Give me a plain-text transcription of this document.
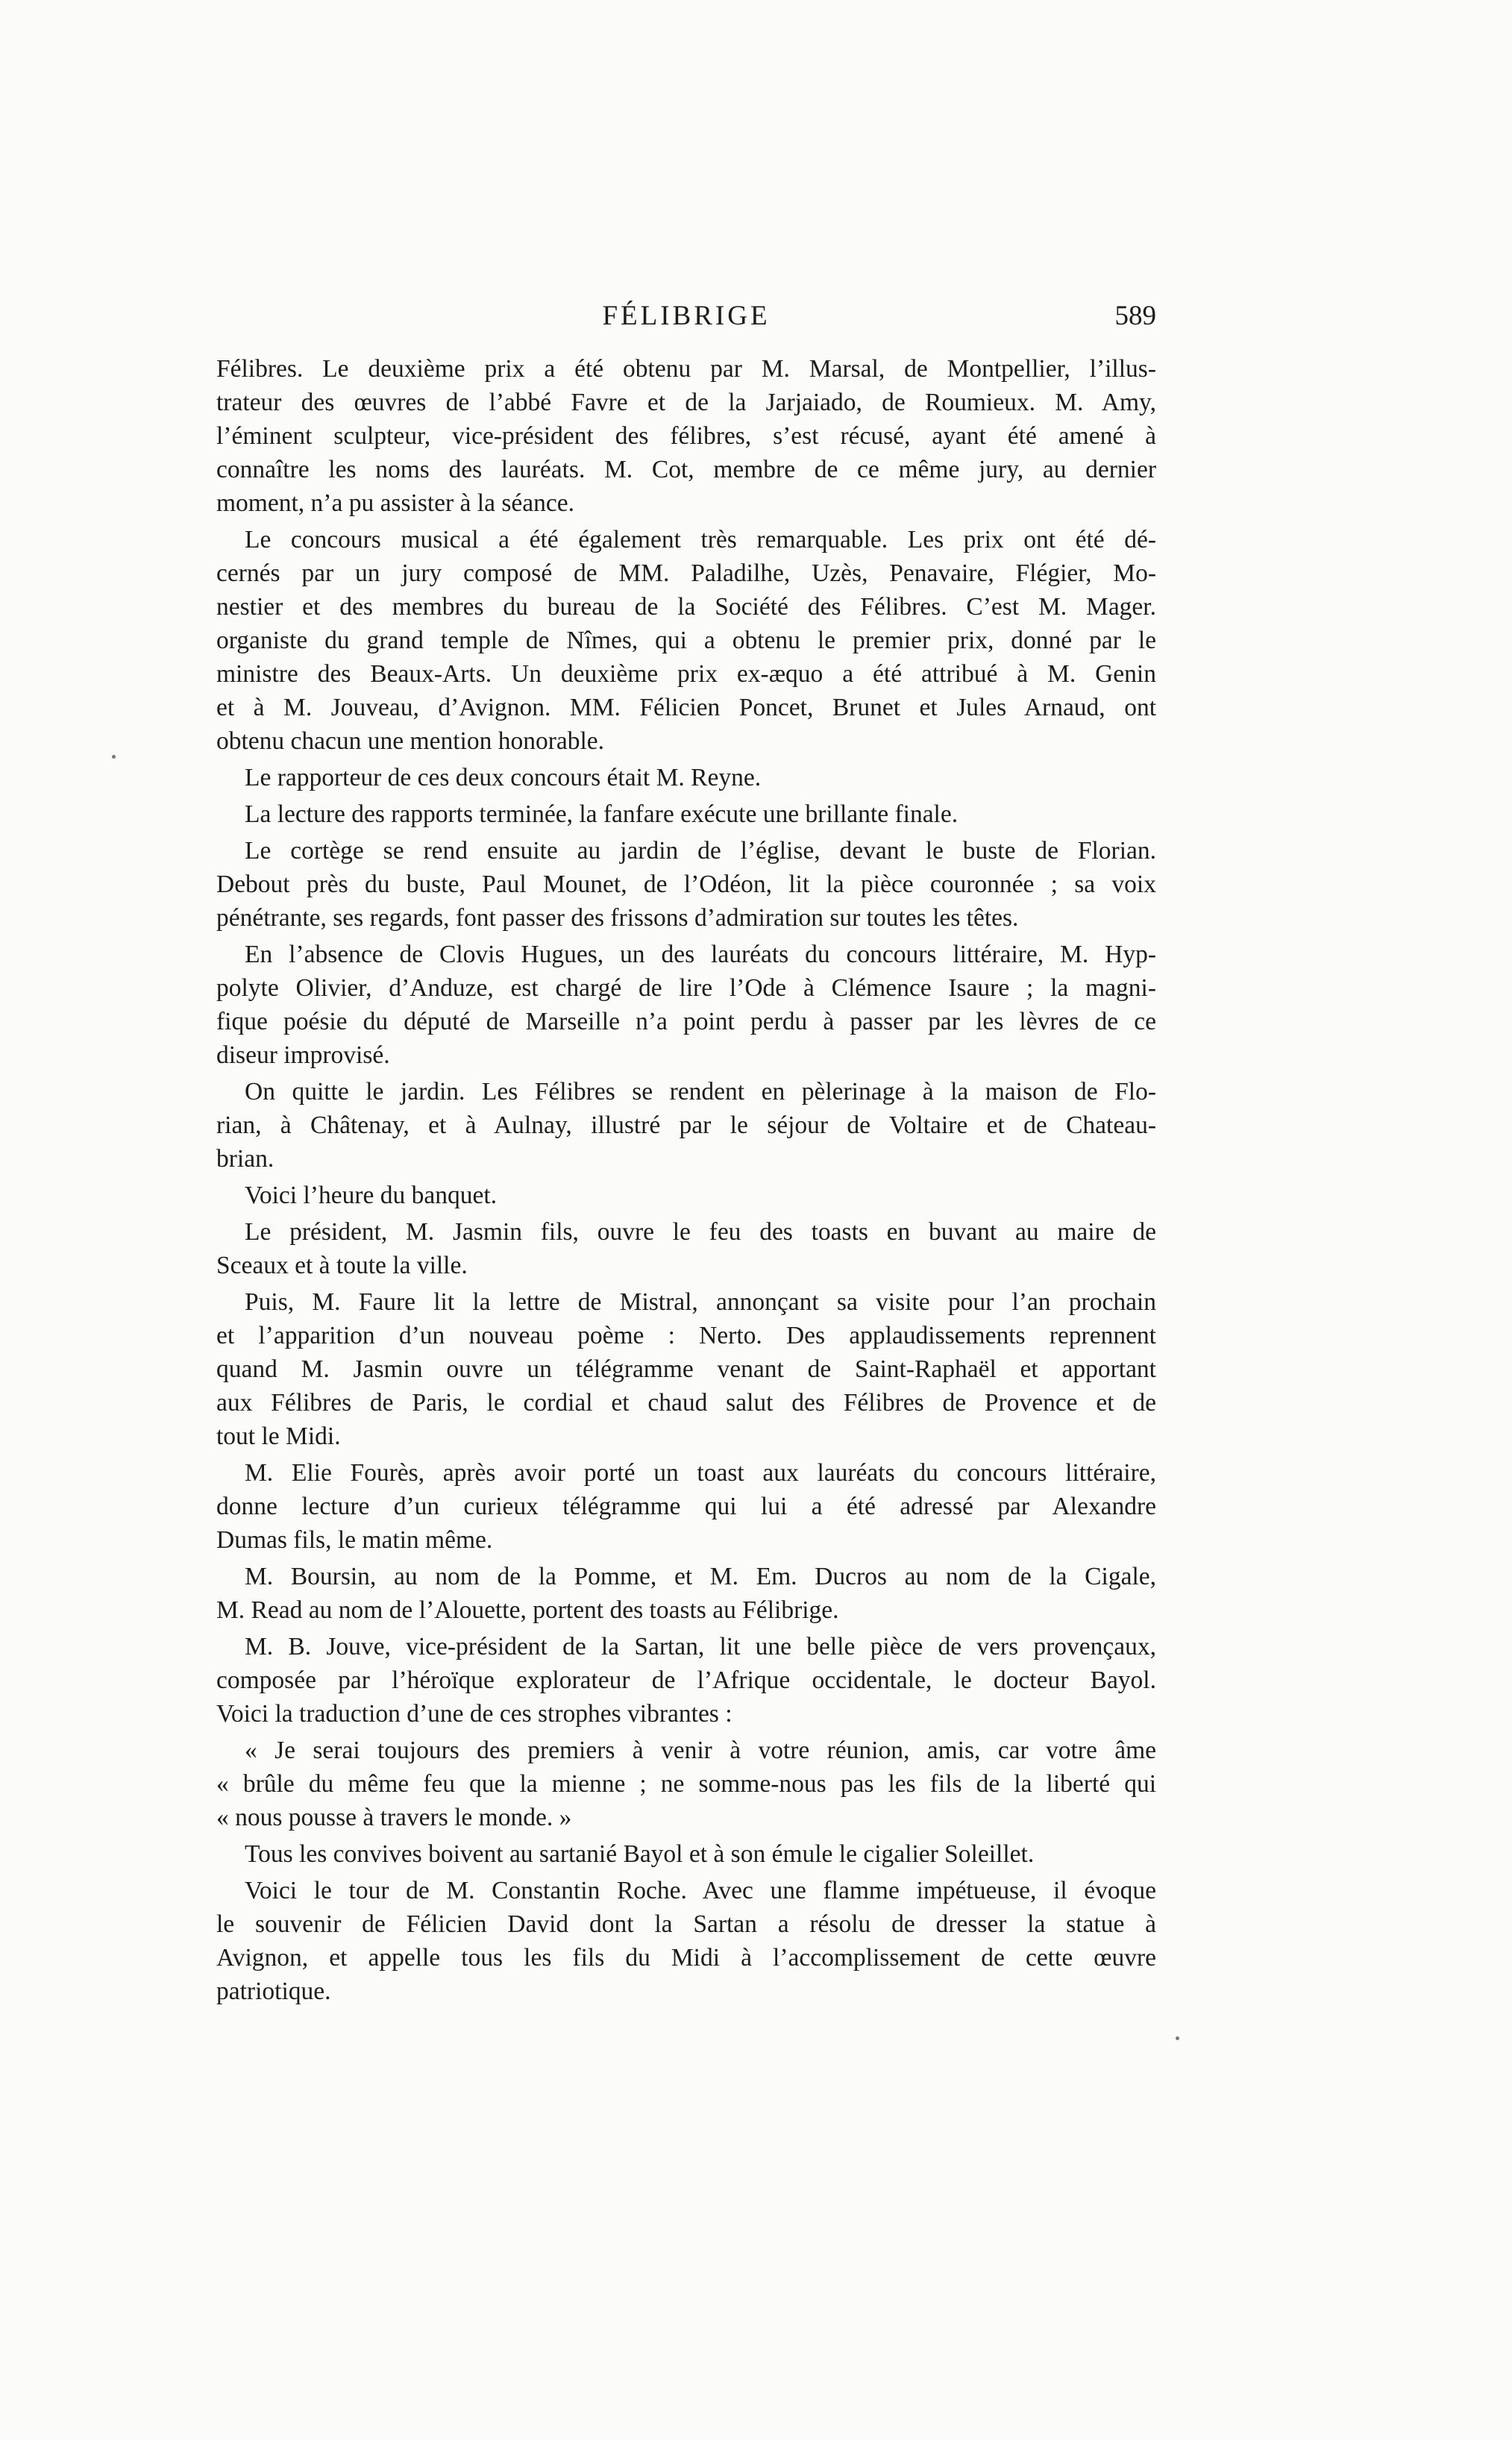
FÉLIBRIGE	589
Félibres. Le deuxième prix a été obtenu par M. Marsal, de Montpellier, l’illus-
trateur des œuvres de l’abbé Favre et de la Jarjaiado, de Roumieux. M. Amy,
l’éminent sculpteur, vice-président des félibres, s’est récusé, ayant été amené à
connaître les noms des lauréats. M. Cot, membre de ce même jury, au dernier
moment, n’a pu assister à la séance.
Le concours musical a été également très remarquable. Les prix ont été dé-
cernés par un jury composé de MM. Paladilhe, Uzès, Penavaire, Flégier, Mo-
nestier et des membres du bureau de la Société des Félibres. C’est M. Mager.
organiste du grand temple de Nîmes, qui a obtenu le premier prix, donné par le
ministre des Beaux-Arts. Un deuxième prix ex-æquo a été attribué à M. Genin
et à M. Jouveau, d’Avignon. MM. Félicien Poncet, Brunet et Jules Arnaud, ont
obtenu chacun une mention honorable.
Le rapporteur de ces deux concours était M. Reyne.
La lecture des rapports terminée, la fanfare exécute une brillante finale.
Le cortège se rend ensuite au jardin de l’église, devant le buste de Florian.
Debout près du buste, Paul Mounet, de l’Odéon, lit la pièce couronnée ; sa voix
pénétrante, ses regards, font passer des frissons d’admiration sur toutes les têtes.
En l’absence de Clovis Hugues, un des lauréats du concours littéraire, M. Hyp-
polyte Olivier, d’Anduze, est chargé de lire l’Ode à Clémence Isaure ; la magni-
fique poésie du député de Marseille n’a point perdu à passer par les lèvres de ce
diseur improvisé.
On quitte le jardin. Les Félibres se rendent en pèlerinage à la maison de Flo-
rian, à Châtenay, et à Aulnay, illustré par le séjour de Voltaire et de Chateau-
brian.
Voici l’heure du banquet.
Le président, M. Jasmin fils, ouvre le feu des toasts en buvant au maire de
Sceaux et à toute la ville.
Puis, M. Faure lit la lettre de Mistral, annonçant sa visite pour l’an prochain
et l’apparition d’un nouveau poème : Nerto. Des applaudissements reprennent
quand M. Jasmin ouvre un télégramme venant de Saint-Raphaël et apportant
aux Félibres de Paris, le cordial et chaud salut des Félibres de Provence et de
tout le Midi.
M. Elie Fourès, après avoir porté un toast aux lauréats du concours littéraire,
donne lecture d’un curieux télégramme qui lui a été adressé par Alexandre
Dumas fils, le matin même.
M. Boursin, au nom de la Pomme, et M. Em. Ducros au nom de la Cigale,
M. Read au nom de l’Alouette, portent des toasts au Félibrige.
M. B. Jouve, vice-président de la Sartan, lit une belle pièce de vers provençaux,
composée par l’héroïque explorateur de l’Afrique occidentale, le docteur Bayol.
Voici la traduction d’une de ces strophes vibrantes :
« Je serai toujours des premiers à venir à votre réunion, amis, car votre âme
« brûle du même feu que la mienne ; ne somme-nous pas les fils de la liberté qui
« nous pousse à travers le monde. »
Tous les convives boivent au sartanié Bayol et à son émule le cigalier Soleillet.
Voici le tour de M. Constantin Roche. Avec une flamme impétueuse, il évoque
le souvenir de Félicien David dont la Sartan a résolu de dresser la statue à
Avignon, et appelle tous les fils du Midi à l’accomplissement de cette œuvre
patriotique.
